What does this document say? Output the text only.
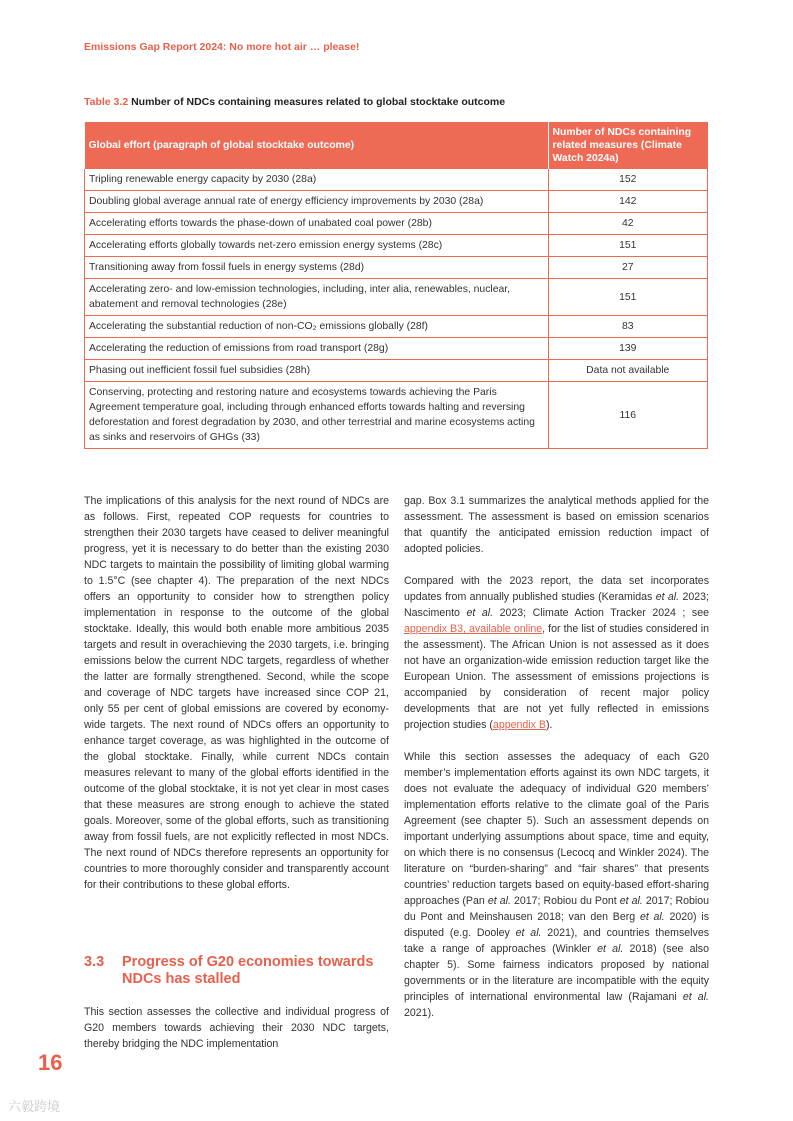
Emissions Gap Report 2024: No more hot air … please!
Table 3.2 Number of NDCs containing measures related to global stocktake outcome
Global effort (paragraph of global stocktake outcome)	Number of NDCs containing related measures (Climate Watch 2024a)
Tripling renewable energy capacity by 2030 (28a)	152
Doubling global average annual rate of energy efficiency improvements by 2030 (28a)	142
Accelerating efforts towards the phase-down of unabated coal power (28b)	42
Accelerating efforts globally towards net-zero emission energy systems (28c)	151
Transitioning away from fossil fuels in energy systems (28d)	27
Accelerating zero- and low-emission technologies, including, inter alia, renewables, nuclear, abatement and removal technologies (28e)	151
Accelerating the substantial reduction of non-CO₂ emissions globally (28f)	83
Accelerating the reduction of emissions from road transport (28g)	139
Phasing out inefficient fossil fuel subsidies (28h)	Data not available
Conserving, protecting and restoring nature and ecosystems towards achieving the Paris Agreement temperature goal, including through enhanced efforts towards halting and reversing deforestation and forest degradation by 2030, and other terrestrial and marine ecosystems acting as sinks and reservoirs of GHGs (33)	116

The implications of this analysis for the next round of NDCs are as follows. First, repeated COP requests for countries to strengthen their 2030 targets have ceased to deliver meaningful progress, yet it is necessary to do better than the existing 2030 NDC targets to maintain the possibility of limiting global warming to 1.5°C (see chapter 4). The preparation of the next NDCs offers an opportunity to consider how to strengthen policy implementation in response to the outcome of the global stocktake. Ideally, this would both enable more ambitious 2035 targets and result in overachieving the 2030 targets, i.e. bringing emissions below the current NDC targets, regardless of whether the latter are formally strengthened. Second, while the scope and coverage of NDC targets have increased since COP 21, only 55 per cent of global emissions are covered by economy-wide targets. The next round of NDCs offers an opportunity to enhance target coverage, as was highlighted in the outcome of the global stocktake. Finally, while current NDCs contain measures relevant to many of the global efforts identified in the outcome of the global stocktake, it is not yet clear in most cases that these measures are strong enough to achieve the stated goals. Moreover, some of the global efforts, such as transitioning away from fossil fuels, are not explicitly reflected in most NDCs. The next round of NDCs therefore represents an opportunity for countries to more thoroughly consider and transparently account for their contributions to these global efforts.

3.3 Progress of G20 economies towards
NDCs has stalled
This section assesses the collective and individual progress of G20 members towards achieving their 2030 NDC targets, thereby bridging the NDC implementation

gap. Box 3.1 summarizes the analytical methods applied for the assessment. The assessment is based on emission scenarios that quantify the anticipated emission reduction impact of adopted policies.

Compared with the 2023 report, the data set incorporates updates from annually published studies (Keramidas et al. 2023; Nascimento et al. 2023; Climate Action Tracker 2024 ; see appendix B3, available online, for the list of studies considered in the assessment). The African Union is not assessed as it does not have an organization-wide emission reduction target like the European Union. The assessment of emissions projections is accompanied by consideration of recent major policy developments that are not yet fully reflected in emissions projection studies (appendix B).

While this section assesses the adequacy of each G20 member’s implementation efforts against its own NDC targets, it does not evaluate the adequacy of individual G20 members’ implementation efforts relative to the climate goal of the Paris Agreement (see chapter 5). Such an assessment depends on important underlying assumptions about space, time and equity, on which there is no consensus (Lecocq and Winkler 2024). The literature on “burden-sharing” and “fair shares” that presents countries’ reduction targets based on equity-based effort-sharing approaches (Pan et al. 2017; Robiou du Pont et al. 2017; Robiou du Pont and Meinshausen 2018; van den Berg et al. 2020) is disputed (e.g. Dooley et al. 2021), and countries themselves take a range of approaches (Winkler et al. 2018) (see also chapter 5). Some fairness indicators proposed by national governments or in the literature are incompatible with the equity principles of international environmental law (Rajamani et al. 2021).

16
六毅跨境
